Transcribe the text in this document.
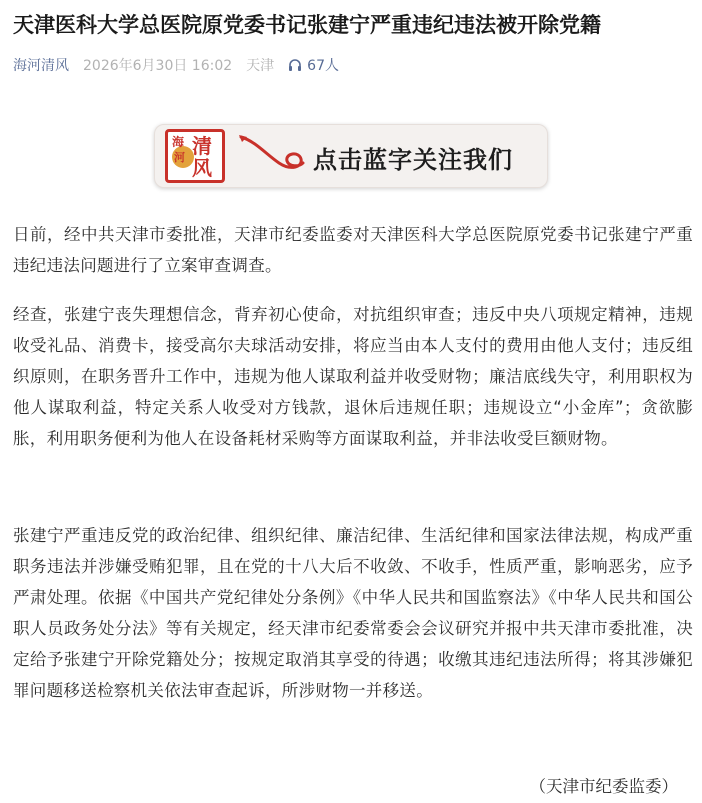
天津医科大学总医院原党委书记张建宁严重违纪违法被开除党籍
海河清风 2026年6月30日 16:02 天津 67人
海
河 清
风	点击蓝字关注我们
日前，经中共天津市委批准，天津市纪委监委对天津医科大学总医院原党委书记张建宁严重违纪违法问题进行了立案审查调查。
经查，张建宁丧失理想信念，背弃初心使命，对抗组织审查；违反中央八项规定精神，违规收受礼品、消费卡，接受高尔夫球活动安排，将应当由本人支付的费用由他人支付；违反组织原则，在职务晋升工作中，违规为他人谋取利益并收受财物；廉洁底线失守，利用职权为他人谋取利益，特定关系人收受对方钱款，退休后违规任职；违规设立“小金库”；贪欲膨胀，利用职务便利为他人在设备耗材采购等方面谋取利益，并非法收受巨额财物。
张建宁严重违反党的政治纪律、组织纪律、廉洁纪律、生活纪律和国家法律法规，构成严重职务违法并涉嫌受贿犯罪，且在党的十八大后不收敛、不收手，性质严重，影响恶劣，应予严肃处理。依据《中国共产党纪律处分条例》《中华人民共和国监察法》《中华人民共和国公职人员政务处分法》等有关规定，经天津市纪委常委会会议研究并报中共天津市委批准，决定给予张建宁开除党籍处分；按规定取消其享受的待遇；收缴其违纪违法所得；将其涉嫌犯罪问题移送检察机关依法审查起诉，所涉财物一并移送。
（天津市纪委监委）
